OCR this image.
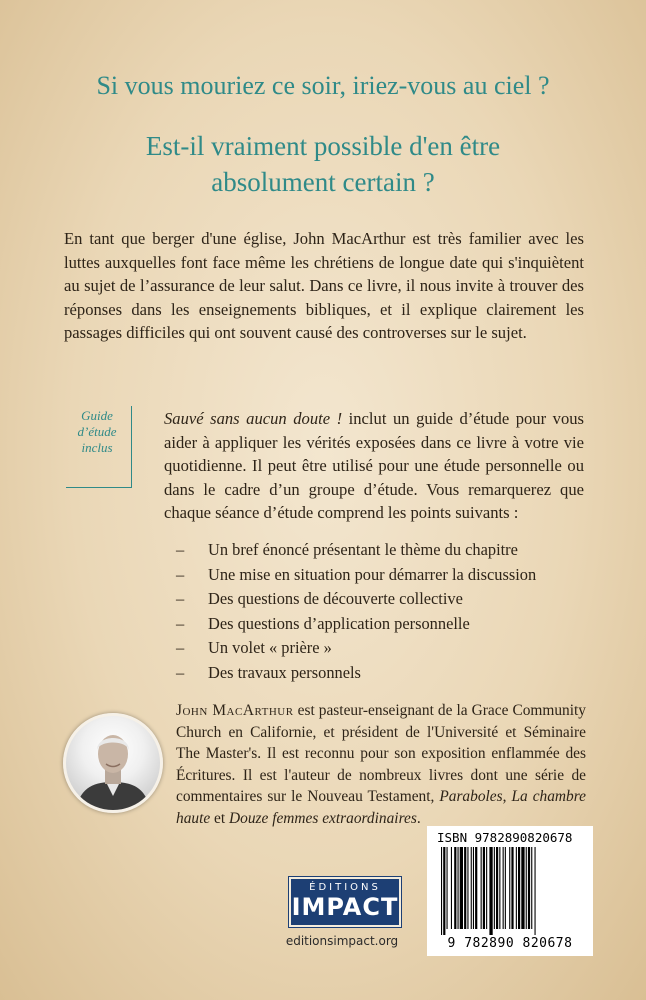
Si vous mouriez ce soir, iriez-vous au ciel ?
Est-il vraiment possible d'en être
absolument certain ?

En tant que berger d'une église, John MacArthur est très familier avec les luttes auxquelles font face même les chrétiens de longue date qui s'inquiètent au sujet de l’assurance de leur salut. Dans ce livre, il nous invite à trouver des réponses dans les enseignements bibliques, et il explique clairement les passages difficiles qui ont souvent causé des controverses sur le sujet.

Guide
d’étude
inclus

Sauvé sans aucun doute ! inclut un guide d’étude pour vous aider à appliquer les vérités exposées dans ce livre à votre vie quotidienne. Il peut être utilisé pour une étude personnelle ou dans le cadre d’un groupe d’étude. Vous remarquerez que chaque séance d’étude comprend les points suivants :

– Un bref énoncé présentant le thème du chapitre
– Une mise en situation pour démarrer la discussion
– Des questions de découverte collective
– Des questions d’application personnelle
– Un volet « prière »
– Des travaux personnels

John MacArthur est pasteur-enseignant de la Grace Community Church en Californie, et président de l'Université et Séminaire The Master's. Il est reconnu pour son exposition enflammée des Écritures. Il est l'auteur de nombreux livres dont une série de commentaires sur le Nouveau Testament, Paraboles, La chambre haute et Douze femmes extraordinaires.

ÉDITIONS
IMPACT
editionsimpact.org
ISBN 9782890820678
9 782890 820678
